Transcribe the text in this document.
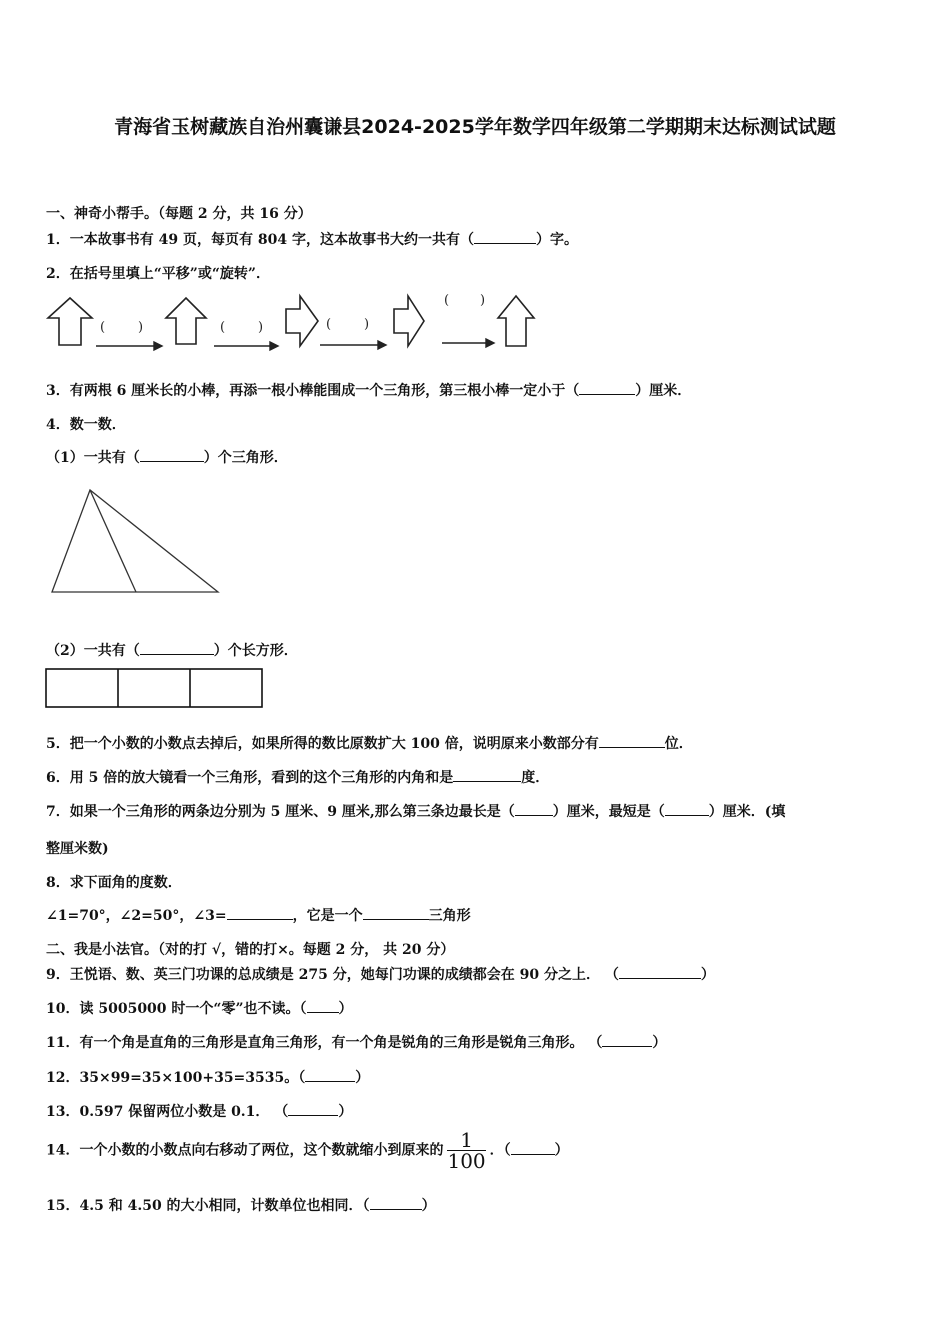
青海省玉树藏族自治州囊谦县2024-2025学年数学四年级第二学期期末达标测试试题
一、神奇小帮手。（每题 2 分，共 16 分）
1．一本故事书有 49 页，每页有 804 字，这本故事书大约一共有（	）字。
2．在括号里填上“平移”或“旋转”．
(	)	(	)	(	)
( )
3．有两根 6 厘米长的小棒，再添一根小棒能围成一个三角形，第三根小棒一定小于（	）厘米．
4．数一数．
（1）一共有（	）个三角形．
（2）一共有（	）个长方形．
5．把一个小数的小数点去掉后，如果所得的数比原数扩大 100 倍，说明原来小数部分有	位．
6．用 5 倍的放大镜看一个三角形，看到的这个三角形的内角和是	度．
7．如果一个三角形的两条边分别为 5 厘米、9 厘米,那么第三条边最长是（	）厘米，最短是（	）厘米．(填
整厘米数)
8．求下面角的度数．
∠1=70°，∠2=50°，∠3=	，它是一个	三角形
二、我是小法官。（对的打 √，错的打×。每题 2 分， 共 20 分）
9．王悦语、数、英三门功课的总成绩是 275 分，她每门功课的成绩都会在 90 分之上． （	）
10．读 5005000 时一个“零”也不读。（ ）
11．有一个角是直角的三角形是直角三角形，有一个角是锐角的三角形是锐角三角形。 （	）
12．35×99=35×100+35=3535。（	）
13．0.597 保留两位小数是 0.1． （	）
14．一个小数的小数点向右移动了两位，这个数就缩小到原来的 $\frac{1}{100}$ ．（	）
15．4.5 和 4.50 的大小相同，计数单位也相同．（	）
